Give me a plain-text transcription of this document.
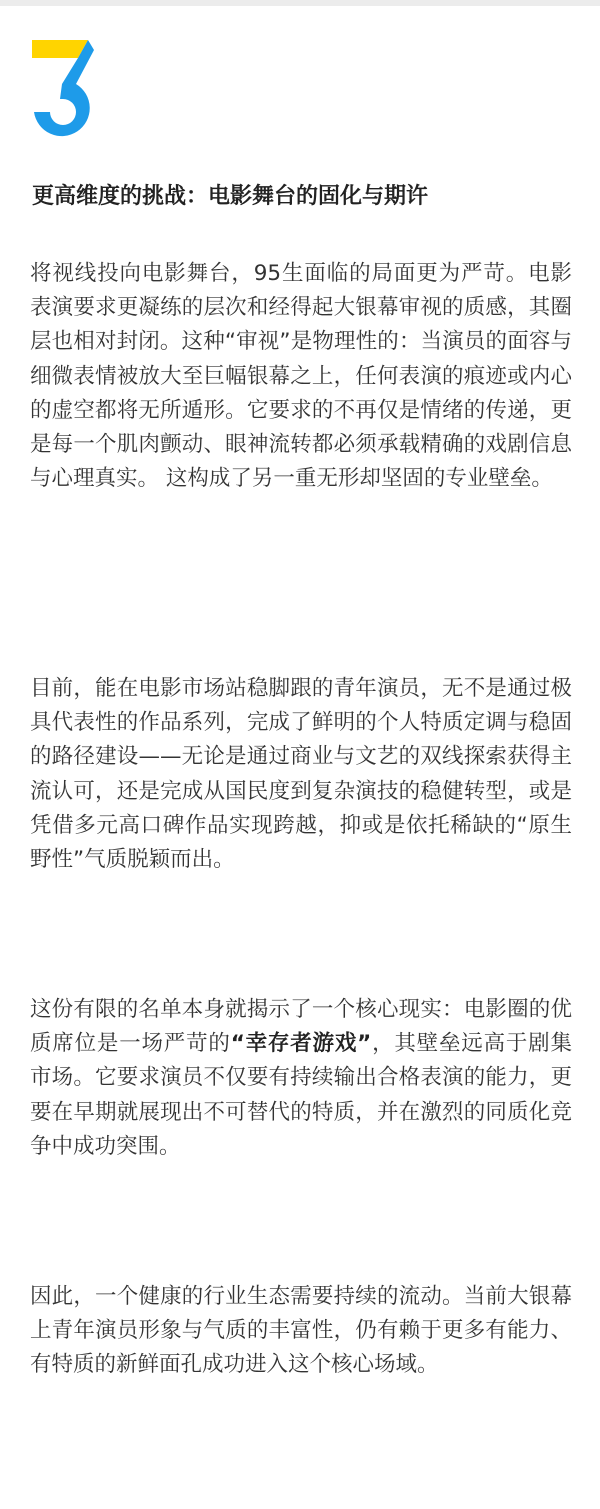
更高维度的挑战：电影舞台的固化与期许

将视线投向电影舞台，95生面临的局面更为严苛。电影表演要求更凝练的层次和经得起大银幕审视的质感，其圈层也相对封闭。这种“审视”是物理性的：当演员的面容与细微表情被放大至巨幅银幕之上，任何表演的痕迹或内心的虚空都将无所遁形。它要求的不再仅是情绪的传递，更是每一个肌肉颤动、眼神流转都必须承载精确的戏剧信息与心理真实。 这构成了另一重无形却坚固的专业壁垒。

目前，能在电影市场站稳脚跟的青年演员，无不是通过极具代表性的作品系列，完成了鲜明的个人特质定调与稳固的路径建设——无论是通过商业与文艺的双线探索获得主流认可，还是完成从国民度到复杂演技的稳健转型，或是凭借多元高口碑作品实现跨越，抑或是依托稀缺的“原生野性”气质脱颖而出。

这份有限的名单本身就揭示了一个核心现实：电影圈的优质席位是一场严苛的“幸存者游戏”，其壁垒远高于剧集市场。它要求演员不仅要有持续输出合格表演的能力，更要在早期就展现出不可替代的特质，并在激烈的同质化竞争中成功突围。

因此，一个健康的行业生态需要持续的流动。当前大银幕上青年演员形象与气质的丰富性，仍有赖于更多有能力、有特质的新鲜面孔成功进入这个核心场域。
